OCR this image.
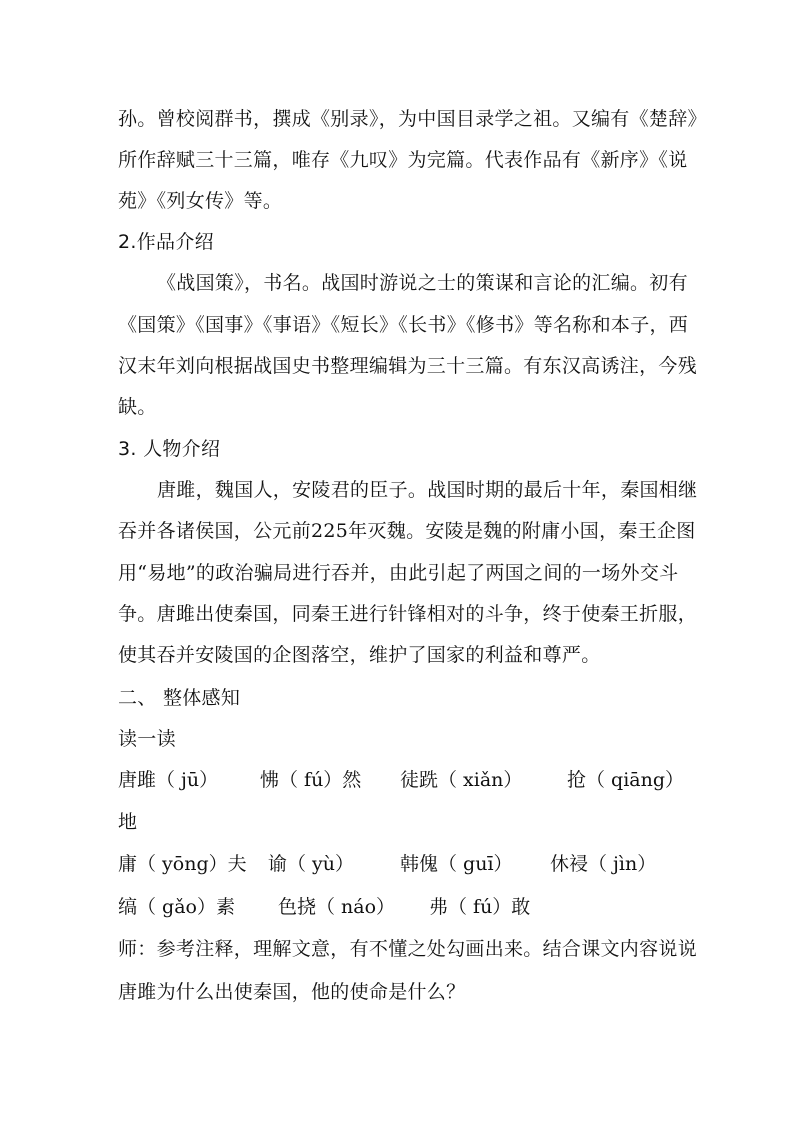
孙。曾校阅群书，撰成《别录》，为中国目录学之祖。又编有《楚辞》
所作辞赋三十三篇，唯存《九叹》为完篇。代表作品有《新序》《说
苑》《列女传》等。
2.作品介绍
《战国策》，书名。战国时游说之士的策谋和言论的汇编。初有
《国策》《国事》《事语》《短长》《长书》《修书》等名称和本子，西
汉末年刘向根据战国史书整理编辑为三十三篇。有东汉高诱注，今残
缺。
3. 人物介绍
唐雎，魏国人，安陵君的臣子。战国时期的最后十年，秦国相继
吞并各诸侯国，公元前225年灭魏。安陵是魏的附庸小国，秦王企图
用“易地”的政治骗局进行吞并，由此引起了两国之间的一场外交斗
争。唐雎出使秦国，同秦王进行针锋相对的斗争，终于使秦王折服，
使其吞并安陵国的企图落空，维护了国家的利益和尊严。
二、 整体感知
读一读
唐雎（ jū） 怫（ fú）然 徒跣（ xiǎn） 抢（ qiāng）
地
庸（ yōng）夫 谕（ yù） 韩傀（ guī） 休祲（ jìn）
缟（ gǎo）素 色挠（ náo） 弗（ fú）敢
师：参考注释，理解文意，有不懂之处勾画出来。结合课文内容说说
唐雎为什么出使秦国，他的使命是什么？
